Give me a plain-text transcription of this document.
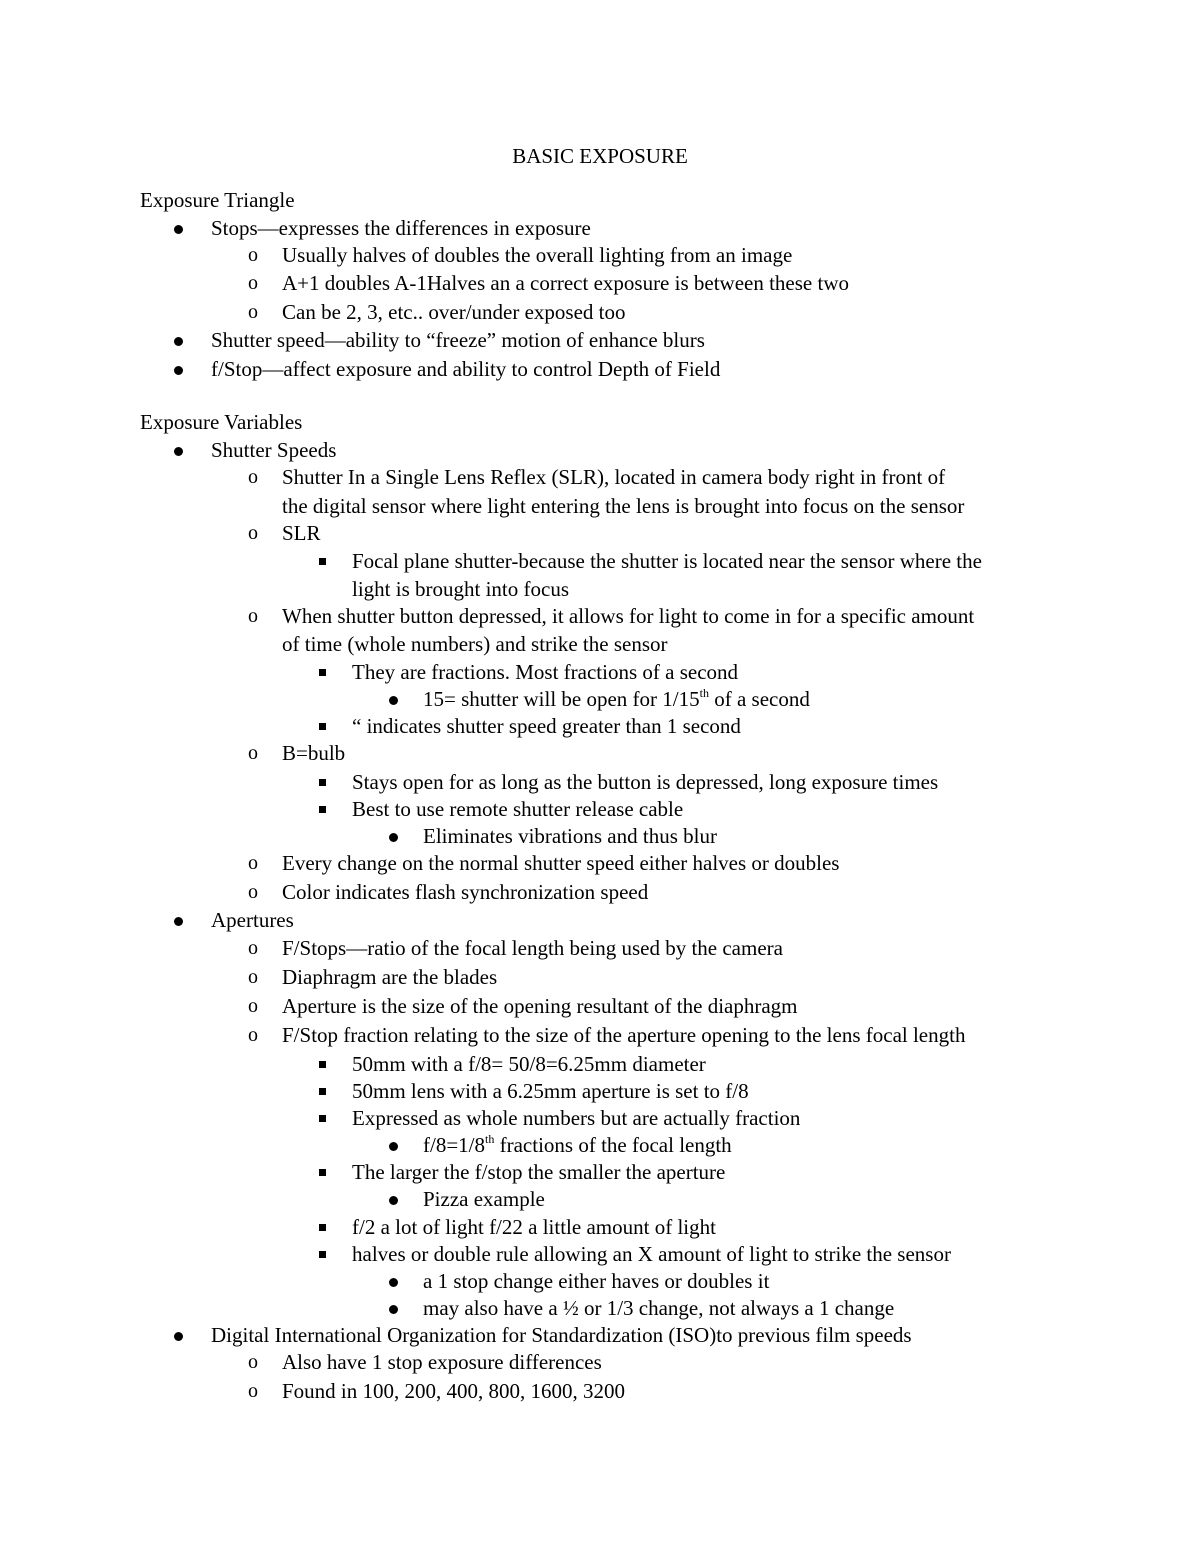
BASIC EXPOSURE
Exposure Triangle
Stops—expresses the differences in exposure
o Usually halves of doubles the overall lighting from an image
o A+1 doubles A-1Halves an a correct exposure is between these two
o Can be 2, 3, etc.. over/under exposed too
Shutter speed—ability to “freeze” motion of enhance blurs
f/Stop—affect exposure and ability to control Depth of Field
Exposure Variables
Shutter Speeds
o Shutter In a Single Lens Reflex (SLR), located in camera body right in front of
the digital sensor where light entering the lens is brought into focus on the sensor
o SLR
Focal plane shutter-because the shutter is located near the sensor where the
light is brought into focus
o When shutter button depressed, it allows for light to come in for a specific amount
of time (whole numbers) and strike the sensor
They are fractions. Most fractions of a second
15= shutter will be open for 1/15th of a second
“ indicates shutter speed greater than 1 second
o B=bulb
Stays open for as long as the button is depressed, long exposure times
Best to use remote shutter release cable
Eliminates vibrations and thus blur
o Every change on the normal shutter speed either halves or doubles
o Color indicates flash synchronization speed
Apertures
o F/Stops—ratio of the focal length being used by the camera
o Diaphragm are the blades
o Aperture is the size of the opening resultant of the diaphragm
o F/Stop fraction relating to the size of the aperture opening to the lens focal length
50mm with a f/8= 50/8=6.25mm diameter
50mm lens with a 6.25mm aperture is set to f/8
Expressed as whole numbers but are actually fraction
f/8=1/8th fractions of the focal length
The larger the f/stop the smaller the aperture
Pizza example
f/2 a lot of light f/22 a little amount of light
halves or double rule allowing an X amount of light to strike the sensor
a 1 stop change either haves or doubles it
may also have a ½ or 1/3 change, not always a 1 change
Digital International Organization for Standardization (ISO)to previous film speeds
o Also have 1 stop exposure differences
o Found in 100, 200, 400, 800, 1600, 3200
